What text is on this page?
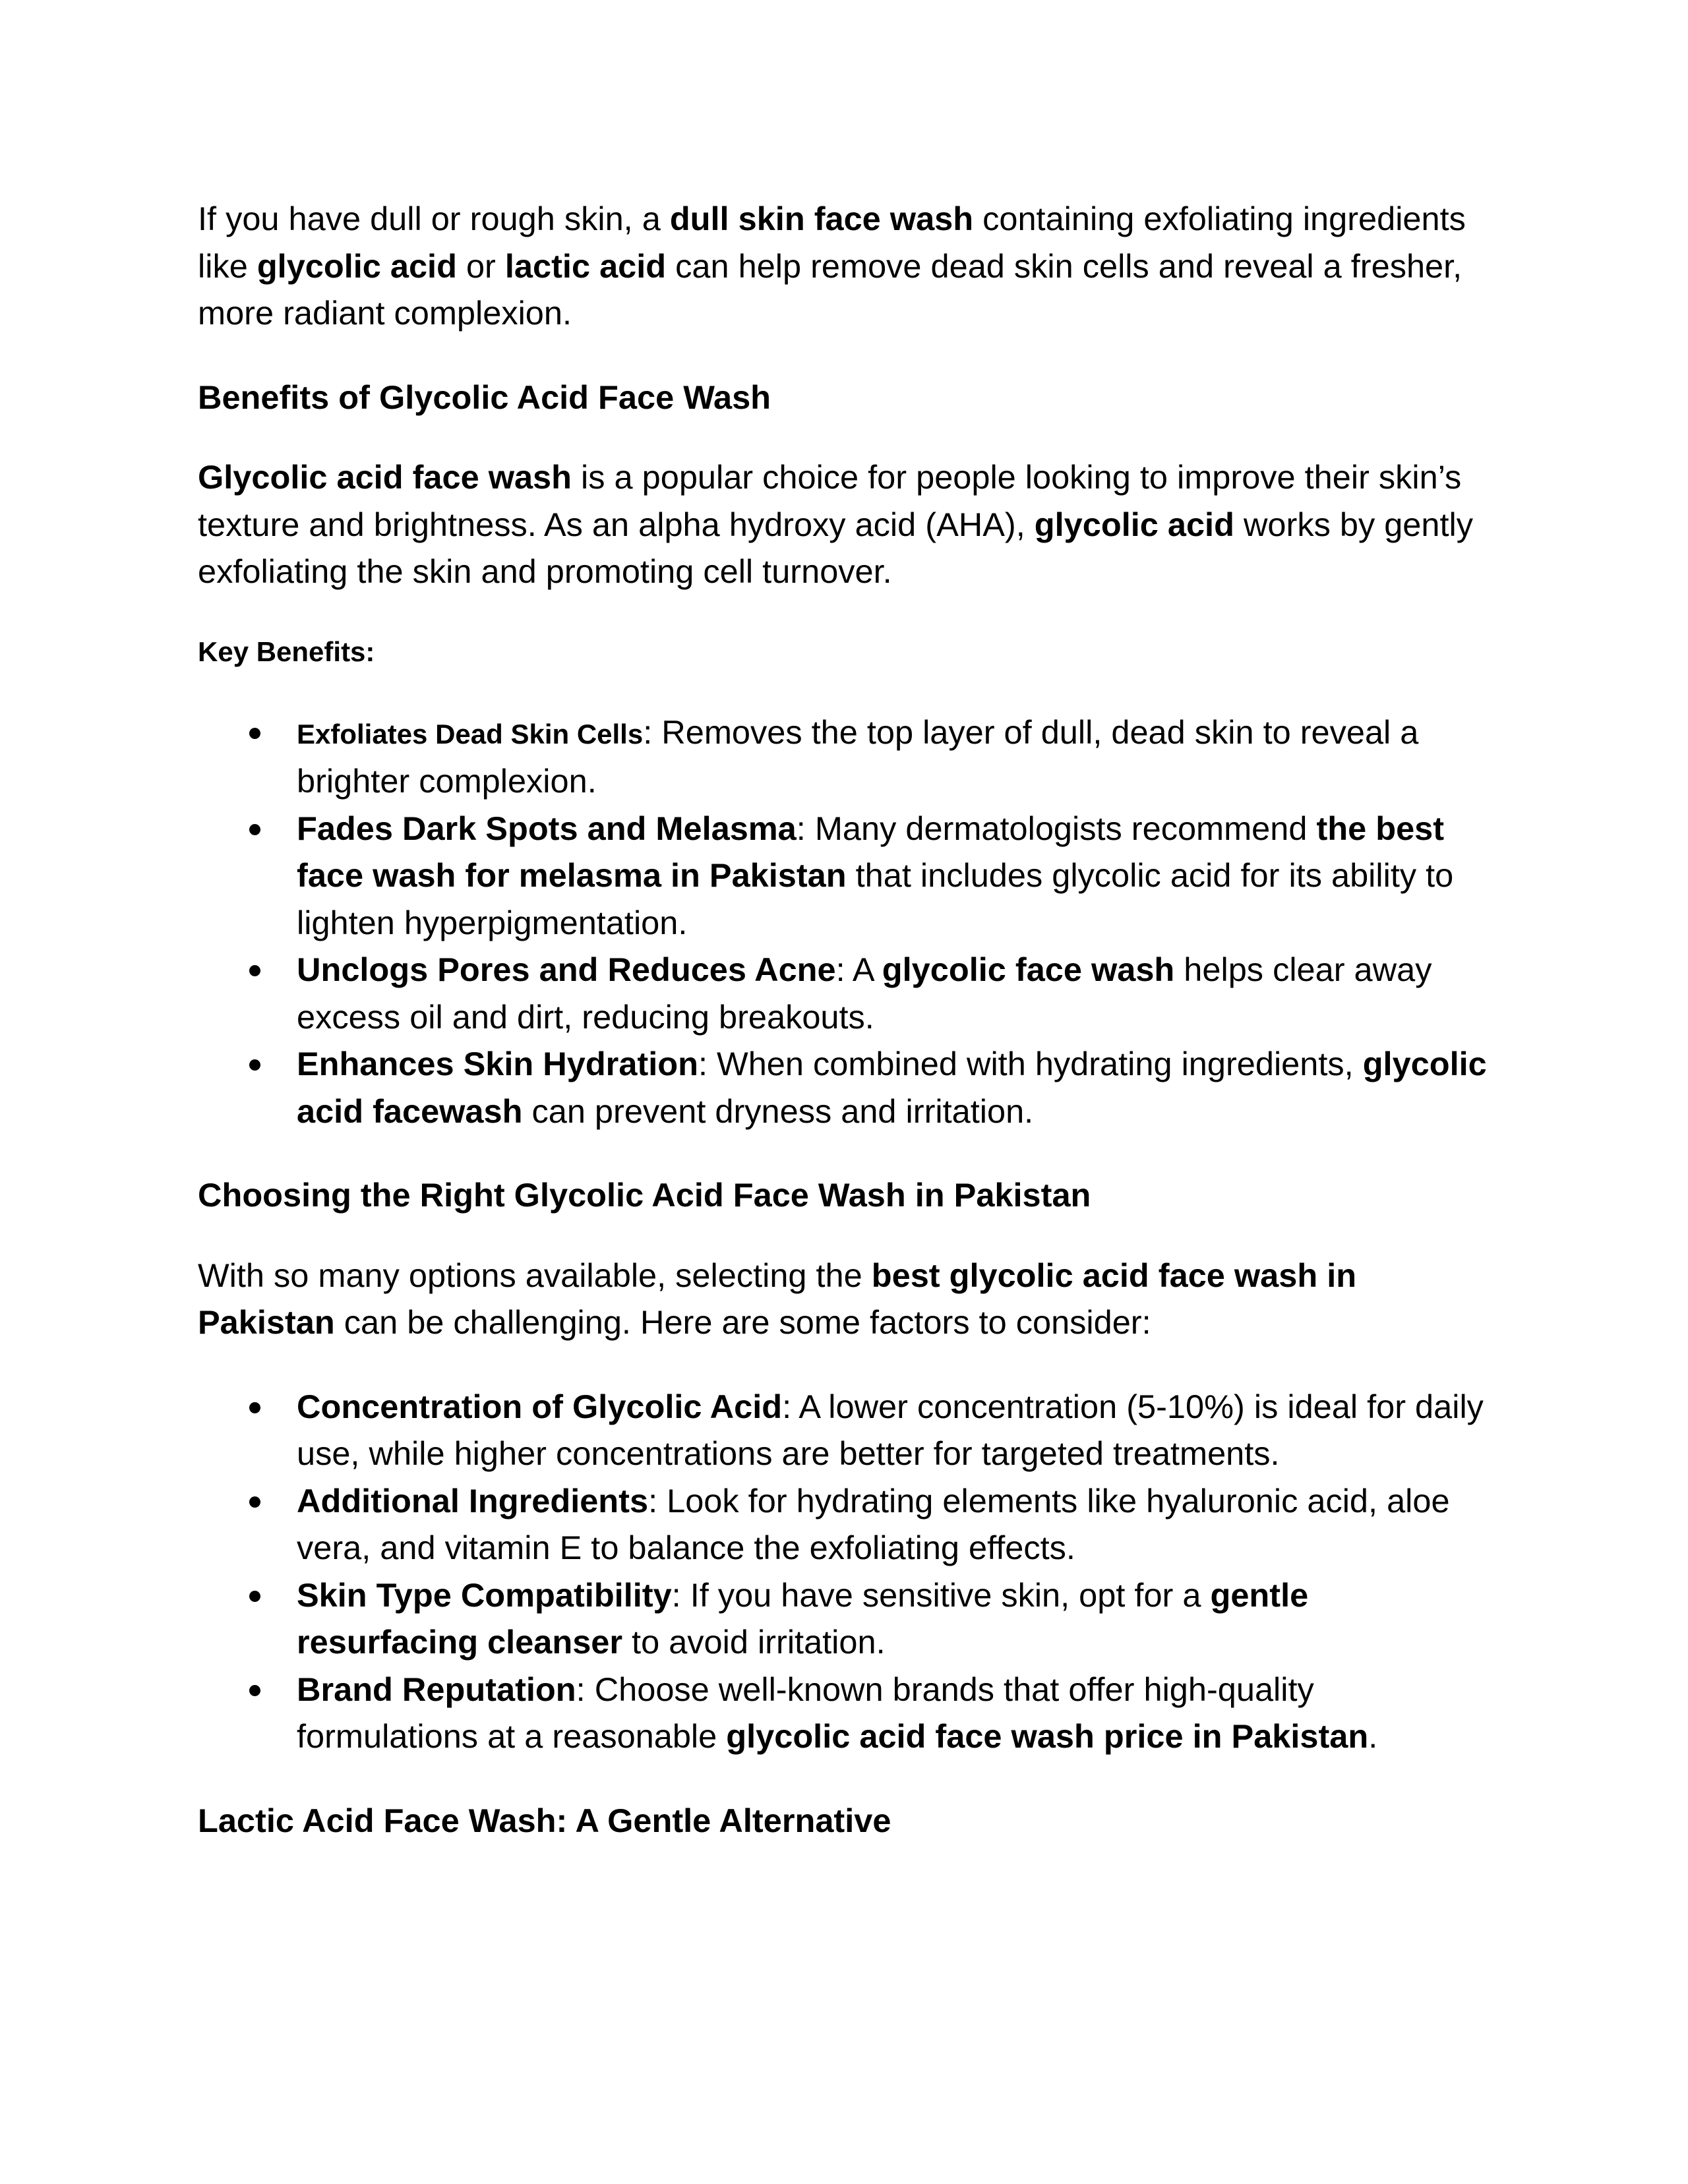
If you have dull or rough skin, a dull skin face wash containing exfoliating ingredients like glycolic acid or lactic acid can help remove dead skin cells and reveal a fresher, more radiant complexion.

Benefits of Glycolic Acid Face Wash

Glycolic acid face wash is a popular choice for people looking to improve their skin’s texture and brightness. As an alpha hydroxy acid (AHA), glycolic acid works by gently exfoliating the skin and promoting cell turnover.

Key Benefits:
Exfoliates Dead Skin Cells: Removes the top layer of dull, dead skin to reveal a brighter complexion.
Fades Dark Spots and Melasma: Many dermatologists recommend the best face wash for melasma in Pakistan that includes glycolic acid for its ability to lighten hyperpigmentation.
Unclogs Pores and Reduces Acne: A glycolic face wash helps clear away excess oil and dirt, reducing breakouts.
Enhances Skin Hydration: When combined with hydrating ingredients, glycolic acid facewash can prevent dryness and irritation.
Choosing the Right Glycolic Acid Face Wash in Pakistan

With so many options available, selecting the best glycolic acid face wash in Pakistan can be challenging. Here are some factors to consider:

Concentration of Glycolic Acid: A lower concentration (5-10%) is ideal for daily use, while higher concentrations are better for targeted treatments.
Additional Ingredients: Look for hydrating elements like hyaluronic acid, aloe vera, and vitamin E to balance the exfoliating effects.
Skin Type Compatibility: If you have sensitive skin, opt for a gentle resurfacing cleanser to avoid irritation.
Brand Reputation: Choose well-known brands that offer high-quality formulations at a reasonable glycolic acid face wash price in Pakistan.
Lactic Acid Face Wash: A Gentle Alternative
